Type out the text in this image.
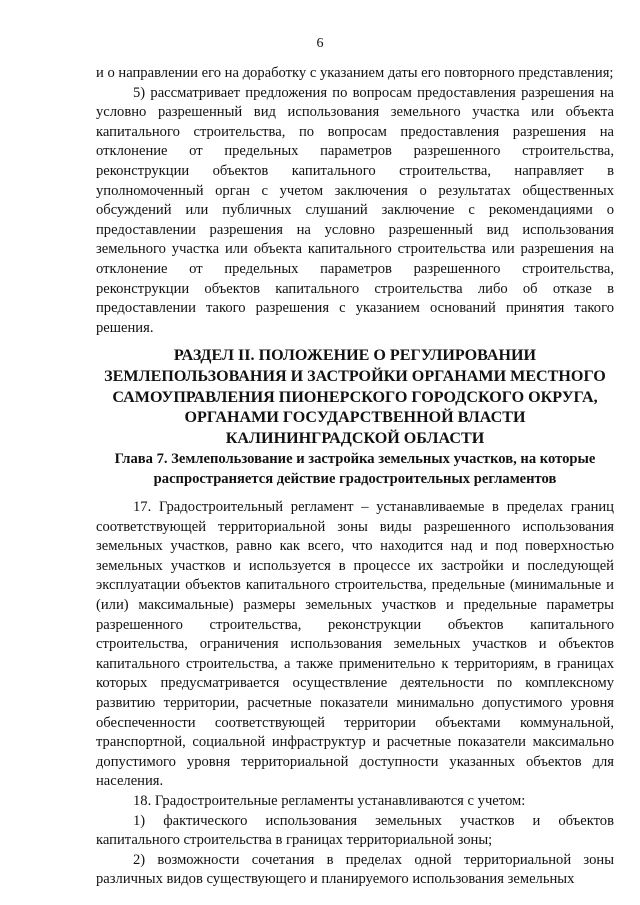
6

и о направлении его на доработку с указанием даты его повторного представления;

5) рассматривает предложения по вопросам предоставления разрешения на условно разрешенный вид использования земельного участка или объекта капитального строительства, по вопросам предоставления разрешения на отклонение от предельных параметров разрешенного строительства, реконструкции объектов капитального строительства, направляет в уполномоченный орган с учетом заключения о результатах общественных обсуждений или публичных слушаний заключение с рекомендациями о предоставлении разрешения на условно разрешенный вид использования земельного участка или объекта капитального строительства или разрешения на отклонение от предельных параметров разрешенного строительства, реконструкции объектов капитального строительства либо об отказе в предоставлении такого разрешения с указанием оснований принятия такого решения.

РАЗДЕЛ II. ПОЛОЖЕНИЕ О РЕГУЛИРОВАНИИ ЗЕМЛЕПОЛЬЗОВАНИЯ И ЗАСТРОЙКИ ОРГАНАМИ МЕСТНОГО САМОУПРАВЛЕНИЯ ПИОНЕРСКОГО ГОРОДСКОГО ОКРУГА, ОРГАНАМИ ГОСУДАРСТВЕННОЙ ВЛАСТИ КАЛИНИНГРАДСКОЙ ОБЛАСТИ
Глава 7. Землепользование и застройка земельных участков, на которые распространяется действие градостроительных регламентов

17. Градостроительный регламент – устанавливаемые в пределах границ соответствующей территориальной зоны виды разрешенного использования земельных участков, равно как всего, что находится над и под поверхностью земельных участков и используется в процессе их застройки и последующей эксплуатации объектов капитального строительства, предельные (минимальные и (или) максимальные) размеры земельных участков и предельные параметры разрешенного строительства, реконструкции объектов капитального строительства, ограничения использования земельных участков и объектов капитального строительства, а также применительно к территориям, в границах которых предусматривается осуществление деятельности по комплексному развитию территории, расчетные показатели минимально допустимого уровня обеспеченности соответствующей территории объектами коммунальной, транспортной, социальной инфраструктур и расчетные показатели максимально допустимого уровня территориальной доступности указанных объектов для населения.

18. Градостроительные регламенты устанавливаются с учетом:

1) фактического использования земельных участков и объектов капитального строительства в границах территориальной зоны;

2) возможности сочетания в пределах одной территориальной зоны различных видов существующего и планируемого использования земельных
